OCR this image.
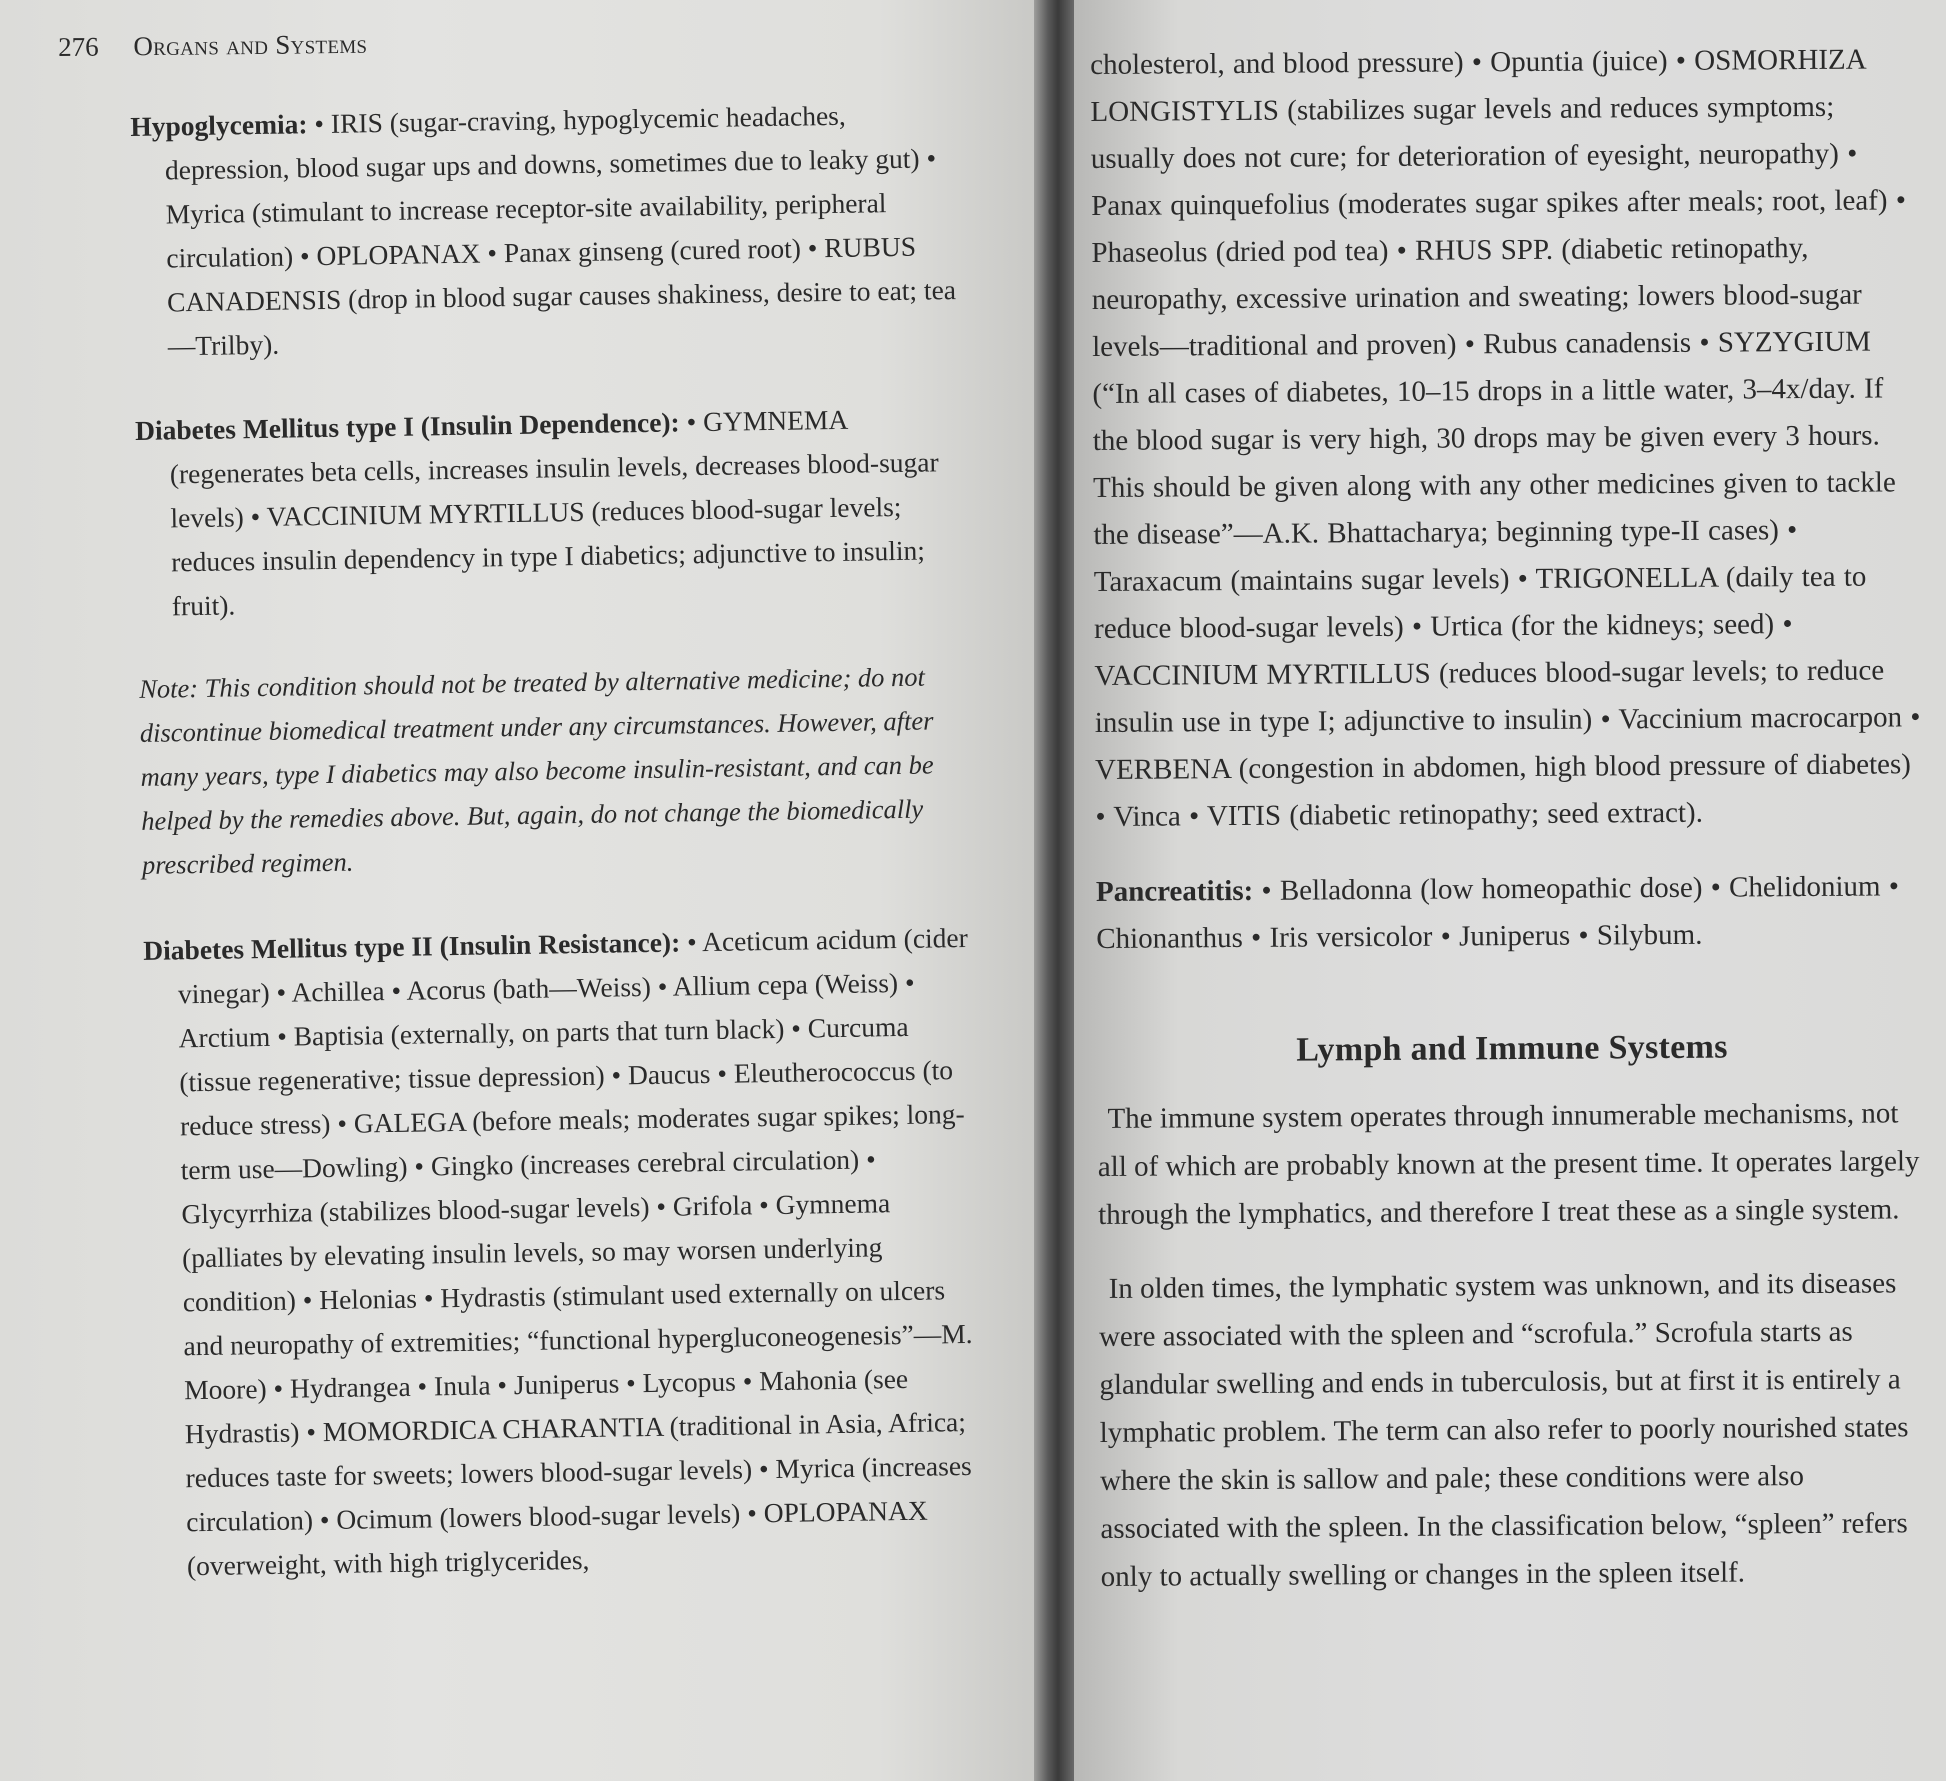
276 Organs and Systems

Hypoglycemia: • IRIS (sugar-craving, hypoglycemic headaches, depression, blood sugar ups and downs, sometimes due to leaky gut) • Myrica (stimulant to increase receptor-site availability, peripheral circulation) • OPLOPANAX • Panax ginseng (cured root) • RUBUS CANADENSIS (drop in blood sugar causes shakiness, desire to eat; tea—Trilby).

Diabetes Mellitus type I (Insulin Dependence): • GYMNEMA (regenerates beta cells, increases insulin levels, decreases blood-sugar levels) • VACCINIUM MYRTILLUS (reduces blood-sugar levels; reduces insulin dependency in type I diabetics; adjunctive to insulin; fruit).

Note: This condition should not be treated by alternative medicine; do not discontinue biomedical treatment under any circumstances. However, after many years, type I diabetics may also become insulin-resistant, and can be helped by the remedies above. But, again, do not change the biomedically prescribed regimen.

Diabetes Mellitus type II (Insulin Resistance): • Aceticum acidum (cider vinegar) • Achillea • Acorus (bath—Weiss) • Allium cepa (Weiss) • Arctium • Baptisia (externally, on parts that turn black) • Curcuma (tissue regenerative; tissue depression) • Daucus • Eleutherococcus (to reduce stress) • GALEGA (before meals; moderates sugar spikes; long-term use—Dowling) • Gingko (increases cerebral circulation) • Glycyrrhiza (stabilizes blood-sugar levels) • Grifola • Gymnema (palliates by elevating insulin levels, so may worsen underlying condition) • Helonias • Hydrastis (stimulant used externally on ulcers and neuropathy of extremities; “functional hypergluconeogenesis”—M. Moore) • Hydrangea • Inula • Juniperus • Lycopus • Mahonia (see Hydrastis) • MOMORDICA CHARANTIA (traditional in Asia, Africa; reduces taste for sweets; lowers blood-sugar levels) • Myrica (increases circulation) • Ocimum (lowers blood-sugar levels) • OPLOPANAX (overweight, with high triglycerides,

cholesterol, and blood pressure) • Opuntia (juice) • OSMORHIZA LONGISTYLIS (stabilizes sugar levels and reduces symptoms; usually does not cure; for deterioration of eyesight, neuropathy) • Panax quinquefolius (moderates sugar spikes after meals; root, leaf) • Phaseolus (dried pod tea) • RHUS SPP. (diabetic retinopathy, neuropathy, excessive urination and sweating; lowers blood-sugar levels—traditional and proven) • Rubus canadensis • SYZYGIUM (“In all cases of diabetes, 10–15 drops in a little water, 3–4x/day. If the blood sugar is very high, 30 drops may be given every 3 hours. This should be given along with any other medicines given to tackle the disease”—A.K. Bhattacharya; beginning type-II cases) • Taraxacum (maintains sugar levels) • TRIGONELLA (daily tea to reduce blood-sugar levels) • Urtica (for the kidneys; seed) • VACCINIUM MYRTILLUS (reduces blood-sugar levels; to reduce insulin use in type I; adjunctive to insulin) • Vaccinium macrocarpon • VERBENA (congestion in abdomen, high blood pressure of diabetes) • Vinca • VITIS (diabetic retinopathy; seed extract).

Pancreatitis: • Belladonna (low homeopathic dose) • Chelidonium • Chionanthus • Iris versicolor • Juniperus • Silybum.

Lymph and Immune Systems

The immune system operates through innumerable mechanisms, not all of which are probably known at the present time. It operates largely through the lymphatics, and therefore I treat these as a single system.

In olden times, the lymphatic system was unknown, and its diseases were associated with the spleen and “scrofula.” Scrofula starts as glandular swelling and ends in tuberculosis, but at first it is entirely a lymphatic problem. The term can also refer to poorly nourished states where the skin is sallow and pale; these conditions were also associated with the spleen. In the classification below, “spleen” refers only to actually swelling or changes in the spleen itself.
